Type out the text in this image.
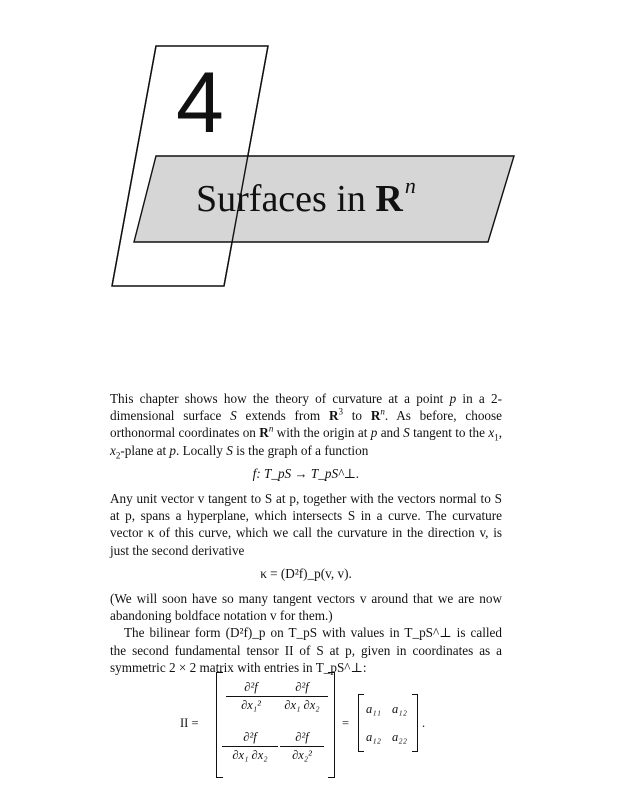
4
Surfaces in $R^n$

This chapter shows how the theory of curvature at a point p in a 2-dimensional surface S extends from $R^3$ to $R^n$. As before, choose orthonormal coordinates on $R^n$ with the origin at p and S tangent to the $x_1$, $x_2$-plane at p. Locally S is the graph of a function

f: T_pS → T_pS^⊥.

Any unit vector v tangent to S at p, together with the vectors normal to S at p, spans a hyperplane, which intersects S in a curve. The curvature vector κ of this curve, which we call the curvature in the direction v, is just the second derivative

κ = (D²f)_p(v, v).

(We will soon have so many tangent vectors v around that we are now abandoning boldface notation v for them.)

The bilinear form (D²f)_p on T_pS with values in T_pS^⊥ is called the second fundamental tensor II of S at p, given in coordinates as a symmetric 2 × 2 matrix with entries in T_pS^⊥:

II =
$\frac{\text{∂²f}}{\text{∂x₁²}} \frac{\text{∂²f}}{\text{∂x₁ ∂x₂}}$
$\frac{\text{∂²f}}{\text{∂x₁ ∂x₂}} \frac{\text{∂²f}}{\text{∂x₂²}}$
=
a₁₁ a₁₂
a₁₂ a₂₂
.
